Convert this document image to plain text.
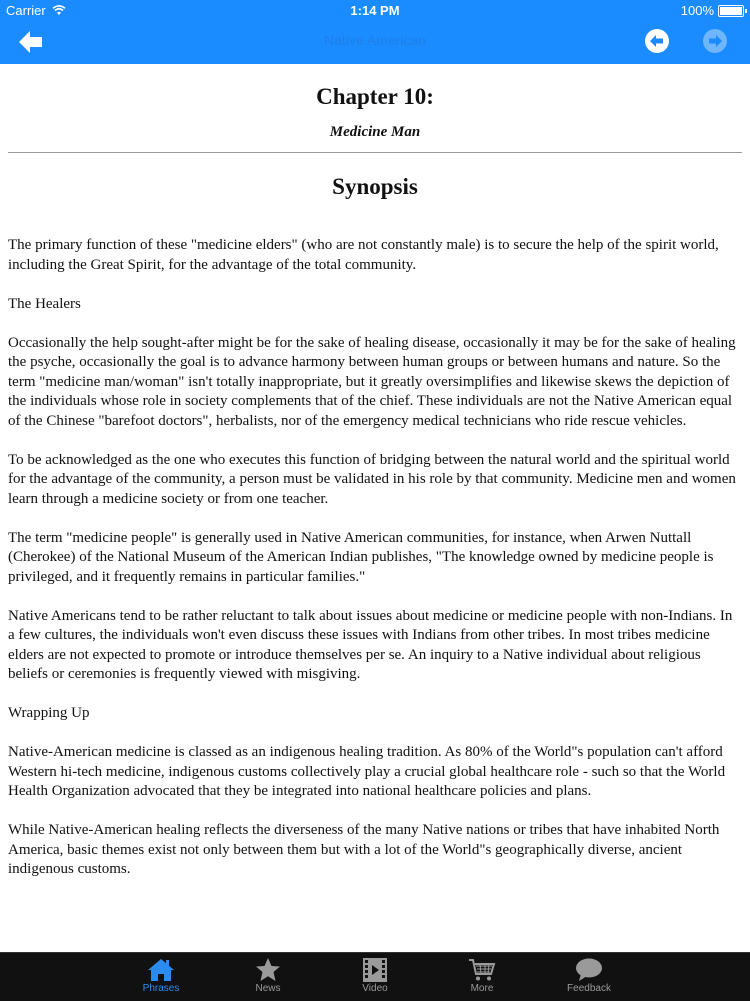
Carrier	1:14 PM	100%
Native American
Chapter 10:
Medicine Man
Synopsis

The primary function of these "medicine elders" (who are not constantly male) is to secure the help of the spirit world, including the Great Spirit, for the advantage of the total community.

The Healers

Occasionally the help sought-after might be for the sake of healing disease, occasionally it may be for the sake of healing the psyche, occasionally the goal is to advance harmony between human groups or between humans and nature. So the term "medicine man/woman" isn't totally inappropriate, but it greatly oversimplifies and likewise skews the depiction of the individuals whose role in society complements that of the chief. These individuals are not the Native American equal of the Chinese "barefoot doctors", herbalists, nor of the emergency medical technicians who ride rescue vehicles.

To be acknowledged as the one who executes this function of bridging between the natural world and the spiritual world for the advantage of the community, a person must be validated in his role by that community. Medicine men and women learn through a medicine society or from one teacher.

The term "medicine people" is generally used in Native American communities, for instance, when Arwen Nuttall (Cherokee) of the National Museum of the American Indian publishes, "The knowledge owned by medicine people is privileged, and it frequently remains in particular families."

Native Americans tend to be rather reluctant to talk about issues about medicine or medicine people with non-Indians. In a few cultures, the individuals won't even discuss these issues with Indians from other tribes. In most tribes medicine elders are not expected to promote or introduce themselves per se. An inquiry to a Native individual about religious beliefs or ceremonies is frequently viewed with misgiving.

Wrapping Up

Native-American medicine is classed as an indigenous healing tradition. As 80% of the World"s population can't afford Western hi-tech medicine, indigenous customs collectively play a crucial global healthcare role - such so that the World Health Organization advocated that they be integrated into national healthcare policies and plans.

While Native-American healing reflects the diverseness of the many Native nations or tribes that have inhabited North America, basic themes exist not only between them but with a lot of the World"s geographically diverse, ancient indigenous customs.

Phrases	News	Video	More	Feedback
